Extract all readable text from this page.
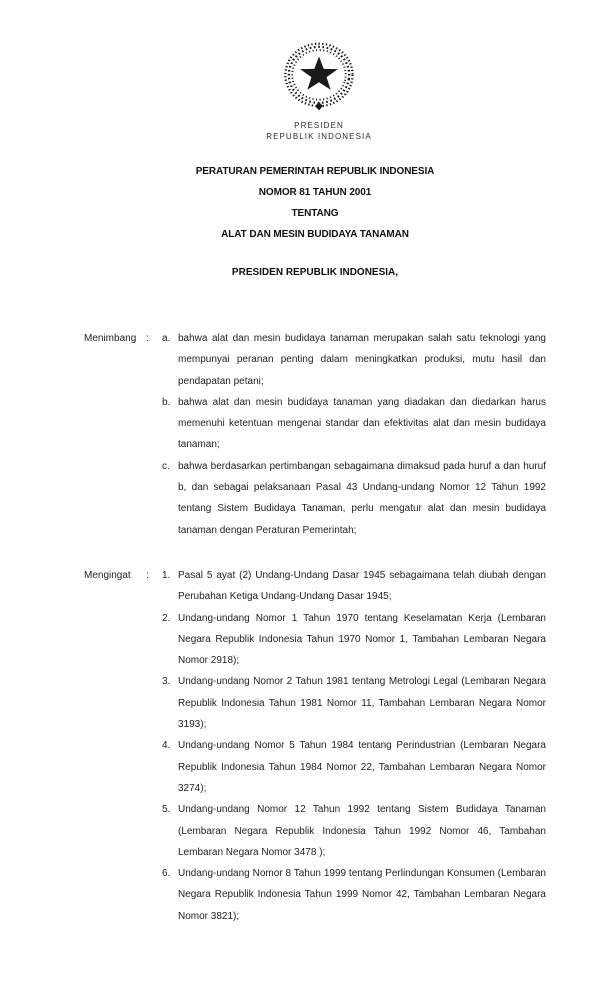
PRESIDEN
REPUBLIK INDONESIA
PERATURAN PEMERINTAH REPUBLIK INDONESIA
NOMOR 81 TAHUN 2001
TENTANG
ALAT DAN MESIN BUDIDAYA TANAMAN
PRESIDEN REPUBLIK INDONESIA,
Menimbang :	a. bahwa alat dan mesin budidaya tanaman merupakan salah satu teknologi yang mempunyai peranan penting dalam meningkatkan produksi, mutu hasil dan pendapatan petani;
b. bahwa alat dan mesin budidaya tanaman yang diadakan dan diedarkan harus memenuhi ketentuan mengenai standar dan efektivitas alat dan mesin budidaya tanaman;
c. bahwa berdasarkan pertimbangan sebagaimana dimaksud pada huruf a dan huruf b, dan sebagai pelaksanaan Pasal 43 Undang-undang Nomor 12 Tahun 1992 tentang Sistem Budidaya Tanaman, perlu mengatur alat dan mesin budidaya tanaman dengan Peraturan Pemerintah;
Mengingat	:	1. Pasal 5 ayat (2) Undang-Undang Dasar 1945 sebagaimana telah diubah dengan Perubahan Ketiga Undang-Undang Dasar 1945;
2. Undang-undang Nomor 1 Tahun 1970 tentang Keselamatan Kerja (Lembaran Negara Republik Indonesia Tahun 1970 Nomor 1, Tambahan Lembaran Negara Nomor 2918);
3. Undang-undang Nomor 2 Tahun 1981 tentang Metrologi Legal (Lembaran Negara Republik Indonesia Tahun 1981 Nomor 11, Tambahan Lembaran Negara Nomor 3193);
4. Undang-undang Nomor 5 Tahun 1984 tentang Perindustrian (Lembaran Negara Republik Indonesia Tahun 1984 Nomor 22, Tambahan Lembaran Negara Nomor 3274);
5. Undang-undang Nomor 12 Tahun 1992 tentang Sistem Budidaya Tanaman (Lembaran Negara Republik Indonesia Tahun 1992 Nomor 46, Tambahan Lembaran Negara Nomor 3478 );
6. Undang-undang Nomor 8 Tahun 1999 tentang Perlindungan Konsumen (Lembaran Negara Republik Indonesia Tahun 1999 Nomor 42, Tambahan Lembaran Negara Nomor 3821);
